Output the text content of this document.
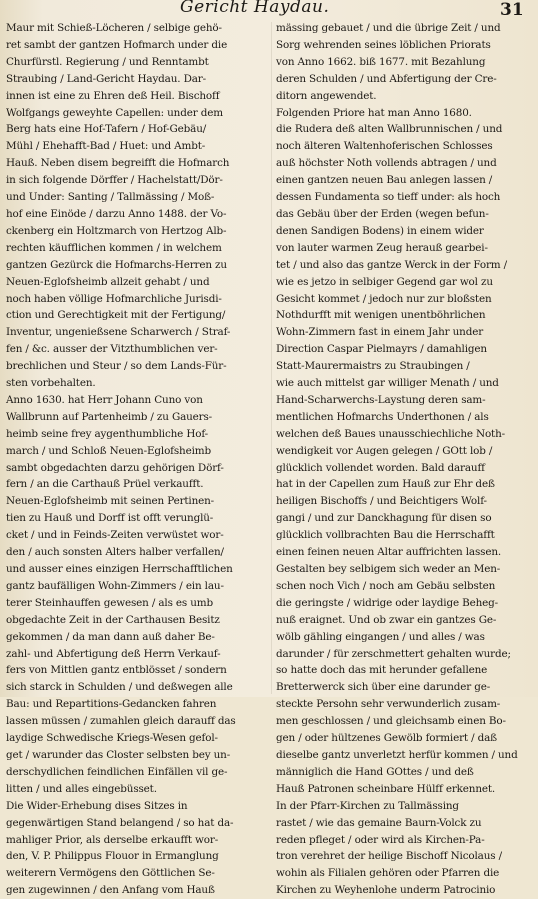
Gericht Haydau.	31
Maur mit Schieß-Löcheren / selbige gehö-
ret sambt der gantzen Hofmarch under die
Churfürstl. Regierung / und Renntambt
Straubing / Land-Gericht Haydau. Dar-
innen ist eine zu Ehren deß Heil. Bischoff
Wolfgangs geweyhte Capellen: under dem
Berg hats eine Hof-Tafern / Hof-Gebäu/
Mühl / Ehehafft-Bad / Huet: und Ambt-
Hauß. Neben disem begreifft die Hofmarch
in sich folgende Dörffer / Hachelstatt/Dör-
und Under: Santing / Tallmässing / Moß-
hof eine Einöde / darzu Anno 1488. der Vo-
ckenberg ein Holtzmarch von Hertzog Alb-
rechten käufflichen kommen / in welchem
gantzen Gezürck die Hofmarchs-Herren zu
Neuen-Eglofsheimb allzeit gehabt / und
noch haben völlige Hofmarchliche Jurisdi-
ction und Gerechtigkeit mit der Fertigung/
Inventur, ungenießsene Scharwerch / Straf-
fen / &c. ausser der Vitzthumblichen ver-
brechlichen und Steur / so dem Lands-Für-
sten vorbehalten.
Anno 1630. hat Herr Johann Cuno von
Wallbrunn auf Partenheimb / zu Gauers-
heimb seine frey aygenthumbliche Hof-
march / und Schloß Neuen-Eglofsheimb
sambt obgedachten darzu gehörigen Dörf-
fern / an die Carthauß Prüel verkaufft.
Neuen-Eglofsheimb mit seinen Pertinen-
tien zu Hauß und Dorff ist offt verunglü-
cket / und in Feinds-Zeiten verwüstet wor-
den / auch sonsten Alters halber verfallen/
und ausser eines einzigen Herrschafftlichen
gantz baufälligen Wohn-Zimmers / ein lau-
terer Steinhauffen gewesen / als es umb
obgedachte Zeit in der Carthausen Besitz
gekommen / da man dann auß daher Be-
zahl- und Abfertigung deß Herrn Verkauf-
fers von Mittlen gantz entblösset / sondern
sich starck in Schulden / und deßwegen alle
Bau: und Repartitions-Gedancken fahren
lassen müssen / zumahlen gleich darauff das
laydige Schwedische Kriegs-Wesen gefol-
get / warunder das Closter selbsten bey un-
derschydlichen feindlichen Einfällen vil ge-
litten / und alles eingebüsset.
Die Wider-Erhebung dises Sitzes in
gegenwärtigen Stand belangend / so hat da-
mahliger Prior, als derselbe erkaufft wor-
den, V. P. Philippus Flouor in Ermanglung
weiterern Vermögens den Göttlichen Se-
gen zugewinnen / den Anfang vom Hauß
mässing gebauet / und die übrige Zeit / und
Sorg wehrenden seines löblichen Priorats
von Anno 1662. biß 1677. mit Bezahlung
deren Schulden / und Abfertigung der Cre-
ditorn angewendet.
Folgenden Priore hat man Anno 1680.
die Rudera deß alten Wallbrunnischen / und
noch älteren Waltenhoferischen Schlosses
auß höchster Noth vollends abtragen / und
einen gantzen neuen Bau anlegen lassen /
dessen Fundamenta so tieff under: als hoch
das Gebäu über der Erden (wegen befun-
denen Sandigen Bodens) in einem wider
von lauter warmen Zeug herauß gearbei-
tet / und also das gantze Werck in der Form /
wie es jetzo in selbiger Gegend gar wol zu
Gesicht kommet / jedoch nur zur bloßsten
Nothdurfft mit wenigen unentböhrlichen
Wohn-Zimmern fast in einem Jahr under
Direction Caspar Pielmayrs / damahligen
Statt-Maurermaistrs zu Straubingen /
wie auch mittelst gar williger Menath / und
Hand-Scharwerchs-Laystung deren sam-
mentlichen Hofmarchs Underthonen / als
welchen deß Baues unausschiechliche Noth-
wendigkeit vor Augen gelegen / GOtt lob /
glücklich vollendet worden. Bald darauff
hat in der Capellen zum Hauß zur Ehr deß
heiligen Bischoffs / und Beichtigers Wolf-
gangi / und zur Danckhagung für disen so
glücklich vollbrachten Bau die Herrschafft
einen feinen neuen Altar auffrichten lassen.
Gestalten bey selbigem sich weder an Men-
schen noch Vich / noch am Gebäu selbsten
die geringste / widrige oder laydige Beheg-
nuß eraignet. Und ob zwar ein gantzes Ge-
wölb gähling eingangen / und alles / was
darunder / für zerschmettert gehalten wurde;
so hatte doch das mit herunder gefallene
Bretterwerck sich über eine darunder ge-
steckte Persohn sehr verwunderlich zusam-
men geschlossen / und gleichsamb einen Bo-
gen / oder hültzenes Gewölb formiert / daß
dieselbe gantz unverletzt herfür kommen / und
männiglich die Hand GOttes / und deß
Hauß Patronen scheinbare Hülff erkennet.
In der Pfarr-Kirchen zu Tallmässing
rastet / wie das gemaine Baurn-Volck zu
reden pfleget / oder wird als Kirchen-Pa-
tron verehret der heilige Bischoff Nicolaus /
wohin als Filialen gehören oder Pfarren die
Kirchen zu Weyhenlohe underm Patrocinio
